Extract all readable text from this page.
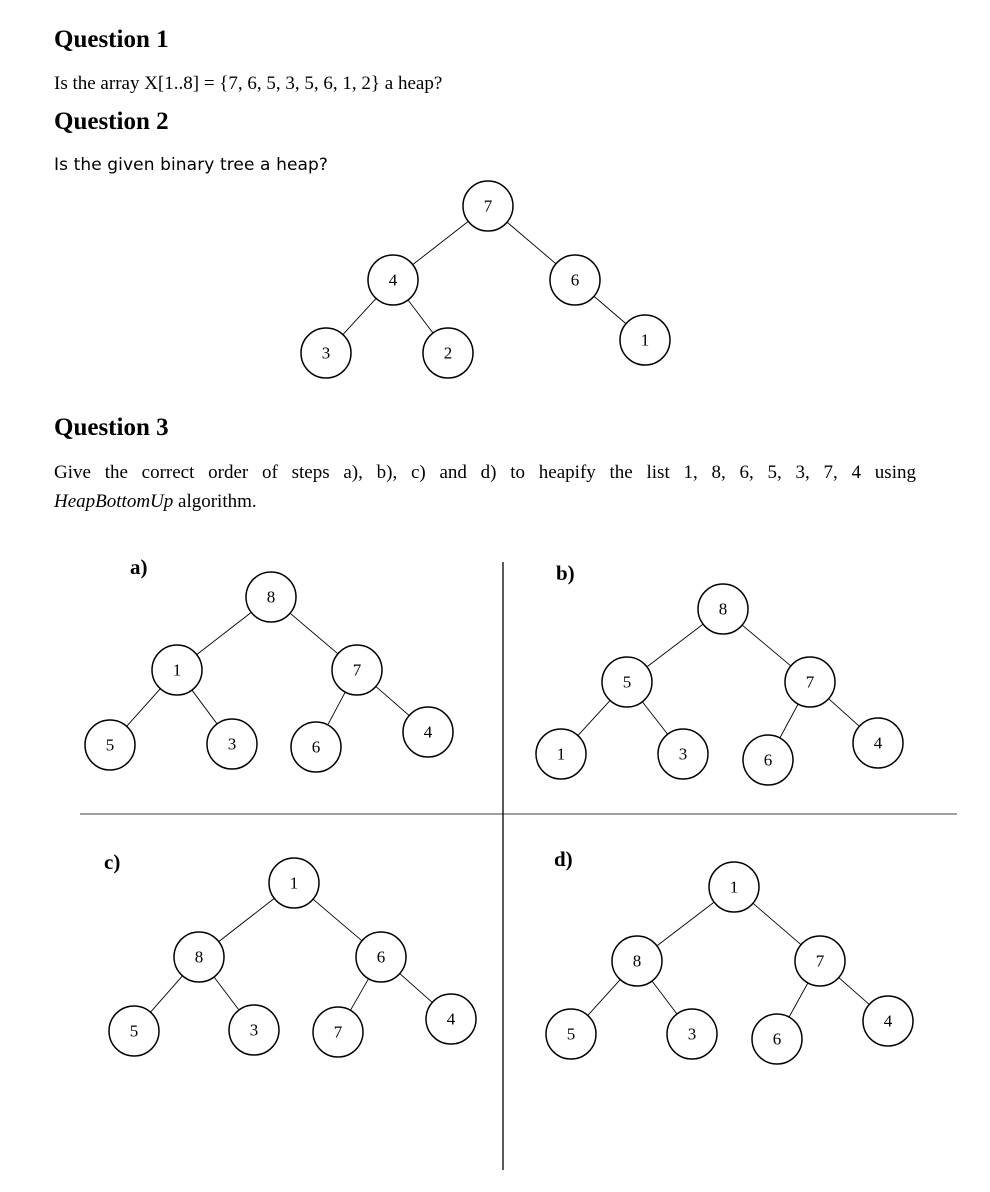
Question 1

Is the array X[1..8] = {7, 6, 5, 3, 5, 6, 1, 2} a heap?

Question 2

Is the given binary tree a heap?

Question 3

Give the correct order of steps a), b), c) and d) to heapify the list 1, 8, 6, 5, 3, 7, 4 using

HeapBottomUp algorithm.

7
4	6
3	2
1
a)
8
1	7
5	3	6
4
b)
8
5	7
1	3	6
4
c)
1
8	6
5	3	7
4
d)
1
8	7
5	3	6
4
